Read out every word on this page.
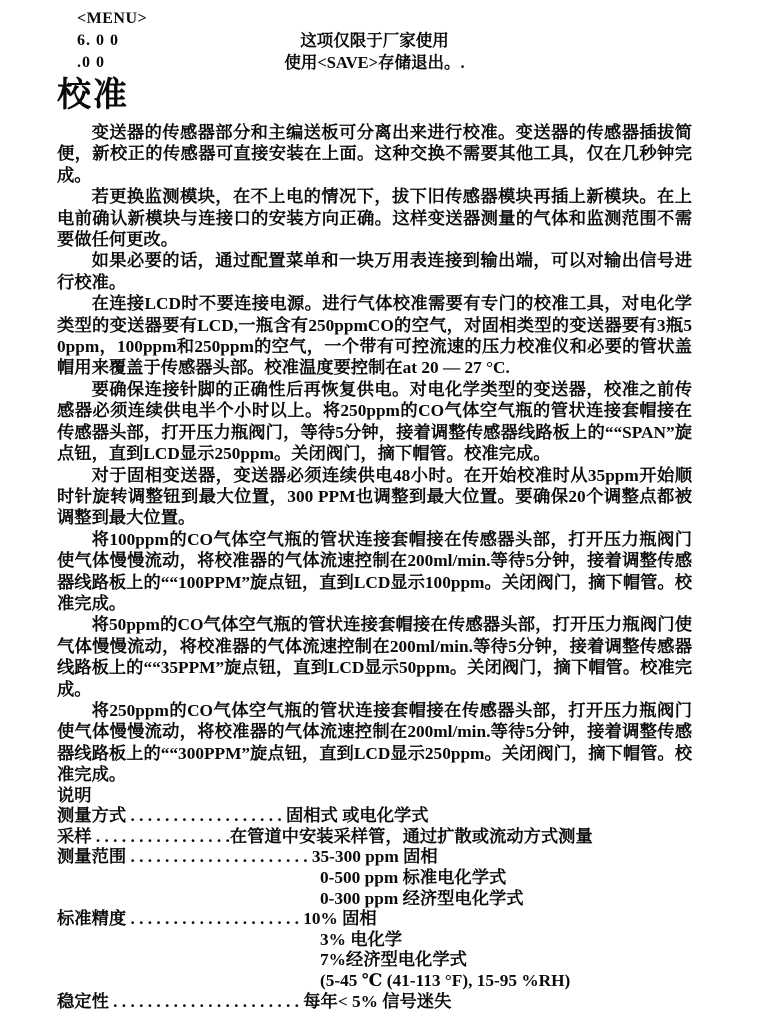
<MENU>
6. 0 0	这项仅限于厂家使用
.0 0	使用<SAVE>存储退出。.
校准

变送器的传感器部分和主编送板可分离出来进行校准。变送器的传感器插拔简便，新校正的传感器可直接安装在上面。这种交换不需要其他工具，仅在几秒钟完成。

若更换监测模块，在不上电的情况下，拔下旧传感器模块再插上新模块。在上电前确认新模块与连接口的安装方向正确。这样变送器测量的气体和监测范围不需要做任何更改。

如果必要的话，通过配置菜单和一块万用表连接到输出端，可以对输出信号进行校准。

在连接LCD时不要连接电源。进行气体校准需要有专门的校准工具，对电化学类型的变送器要有LCD,一瓶含有250ppmCO的空气，对固相类型的变送器要有3瓶50ppm，100ppm和250ppm的空气，一个带有可控流速的压力校准仪和必要的管状盖帽用来覆盖于传感器头部。校准温度要控制在at 20 — 27 °C.

要确保连接针脚的正确性后再恢复供电。对电化学类型的变送器，校准之前传感器必须连续供电半个小时以上。将250ppm的CO气体空气瓶的管状连接套帽接在传感器头部，打开压力瓶阀门，等待5分钟，接着调整传感器线路板上的““SPAN”旋点钮，直到LCD显示250ppm。关闭阀门，摘下帽管。校准完成。

对于固相变送器，变送器必须连续供电48小时。在开始校准时从35ppm开始顺时针旋转调整钮到最大位置，300 PPM也调整到最大位置。要确保20个调整点都被调整到最大位置。

将100ppm的CO气体空气瓶的管状连接套帽接在传感器头部，打开压力瓶阀门使气体慢慢流动，将校准器的气体流速控制在200ml/min.等待5分钟，接着调整传感器线路板上的““100PPM”旋点钮，直到LCD显示100ppm。关闭阀门，摘下帽管。校准完成。

将50ppm的CO气体空气瓶的管状连接套帽接在传感器头部，打开压力瓶阀门使气体慢慢流动，将校准器的气体流速控制在200ml/min.等待5分钟，接着调整传感器线路板上的““35PPM”旋点钮，直到LCD显示50ppm。关闭阀门，摘下帽管。校准完成。

将250ppm的CO气体空气瓶的管状连接套帽接在传感器头部，打开压力瓶阀门使气体慢慢流动，将校准器的气体流速控制在200ml/min.等待5分钟，接着调整传感器线路板上的““300PPM”旋点钮，直到LCD显示250ppm。关闭阀门，摘下帽管。校准完成。

说明
测量方式 . . . . . . . . . . . . . . . . . . 固相式 或电化学式
采样 . . . . . . . . . . . . . . . .在管道中安装采样管，通过扩散或流动方式测量
测量范围 . . . . . . . . . . . . . . . . . . . . . 35-300 ppm 固相
0-500 ppm 标准电化学式
0-300 ppm 经济型电化学式
标准精度 . . . . . . . . . . . . . . . . . . . . 10% 固相
3% 电化学
7%经济型电化学式
(5-45 ℃ (41-113 °F), 15-95 %RH)
稳定性 . . . . . . . . . . . . . . . . . . . . . . 每年< 5% 信号迷失
